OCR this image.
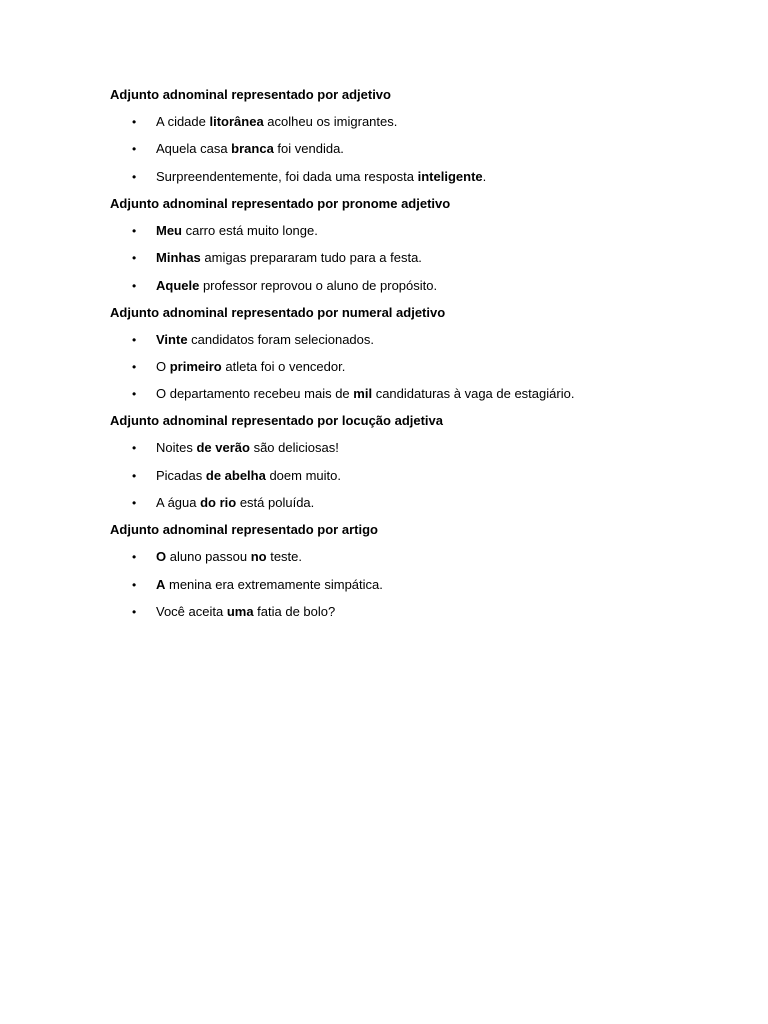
Adjunto adnominal representado por adjetivo
• A cidade litorânea acolheu os imigrantes.
• Aquela casa branca foi vendida.
• Surpreendentemente, foi dada uma resposta inteligente.
Adjunto adnominal representado por pronome adjetivo
• Meu carro está muito longe.
• Minhas amigas prepararam tudo para a festa.
• Aquele professor reprovou o aluno de propósito.
Adjunto adnominal representado por numeral adjetivo
• Vinte candidatos foram selecionados.
• O primeiro atleta foi o vencedor.
• O departamento recebeu mais de mil candidaturas à vaga de estagiário.
Adjunto adnominal representado por locução adjetiva
• Noites de verão são deliciosas!
• Picadas de abelha doem muito.
• A água do rio está poluída.
Adjunto adnominal representado por artigo
• O aluno passou no teste.
• A menina era extremamente simpática.
• Você aceita uma fatia de bolo?
